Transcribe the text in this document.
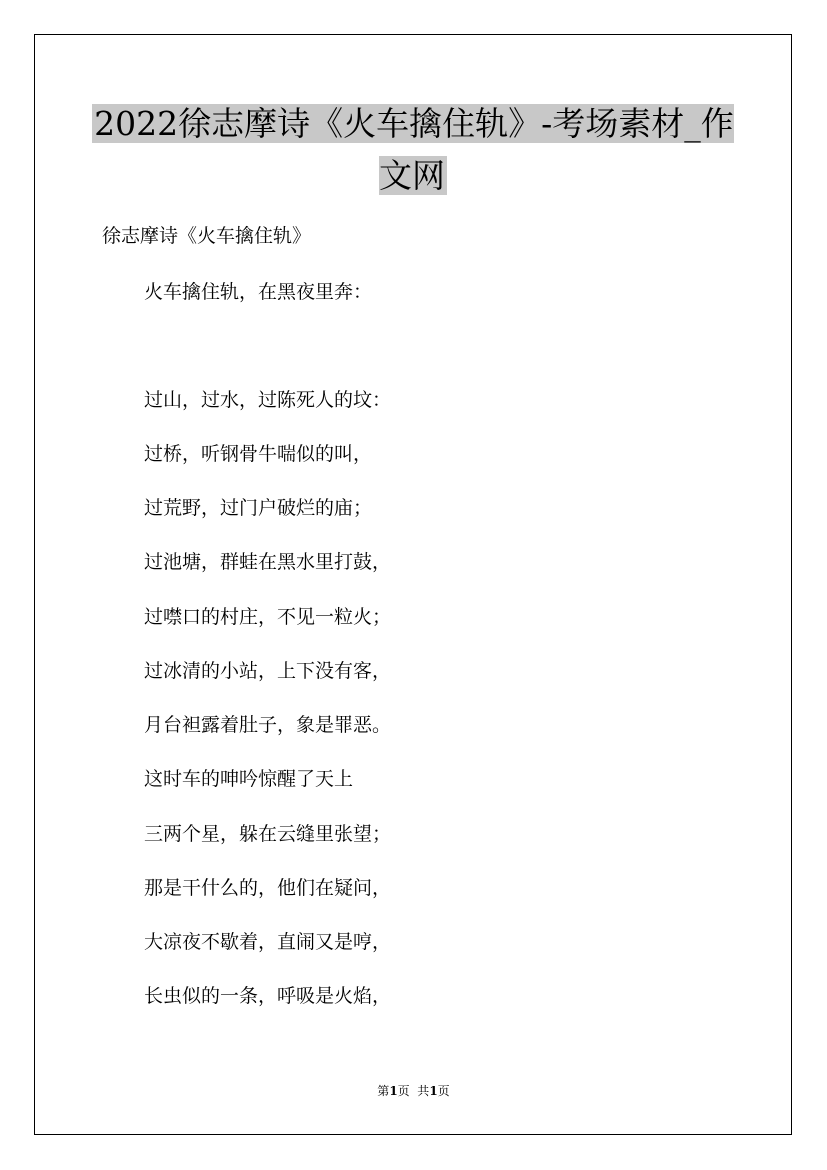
2022徐志摩诗《火车擒住轨》-考场素材_作文网
徐志摩诗《火车擒住轨》
火车擒住轨，在黑夜里奔：
过山，过水，过陈死人的坟：
过桥，听钢骨牛喘似的叫，
过荒野，过门户破烂的庙；
过池塘，群蛙在黑水里打鼓，
过噤口的村庄，不见一粒火；
过冰清的小站，上下没有客，
月台袒露着肚子，象是罪恶。
这时车的呻吟惊醒了天上
三两个星，躲在云缝里张望；
那是干什么的，他们在疑问，
大凉夜不歇着，直闹又是哼，
长虫似的一条，呼吸是火焰，
第1页  共1页
